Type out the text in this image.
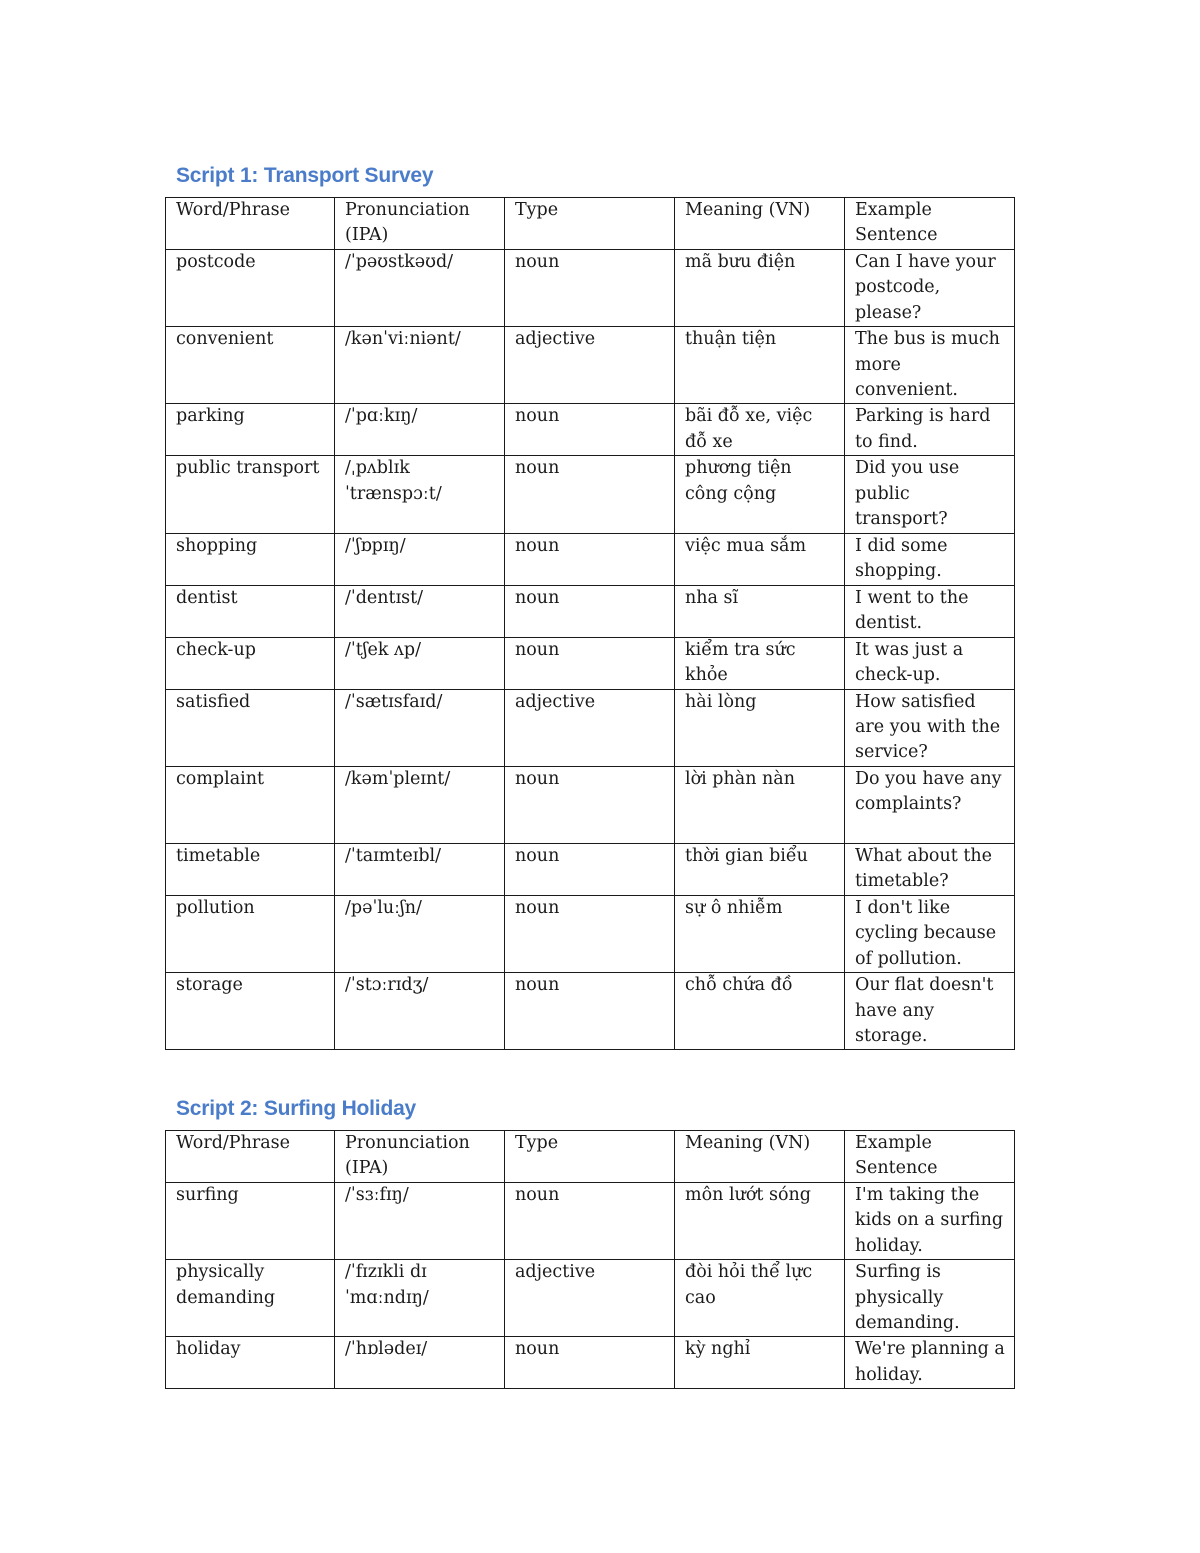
Script 1: Transport Survey
Word/Phrase	Pronunciation (IPA)	Type	Meaning (VN)	Example Sentence
postcode	/ˈpəʊstkəʊd/	noun	mã bưu điện	Can I have your postcode, please?
convenient	/kənˈviːniənt/	adjective	thuận tiện	The bus is much more convenient.
parking	/ˈpɑːkɪŋ/	noun	bãi đỗ xe, việc đỗ xe	Parking is hard to find.
public transport	/ˌpʌblɪk ˈtrænspɔːt/	noun	phương tiện công cộng	Did you use public transport?
shopping	/ˈʃɒpɪŋ/	noun	việc mua sắm	I did some shopping.
dentist	/ˈdentɪst/	noun	nha sĩ	I went to the dentist.
check-up	/ˈtʃek ʌp/	noun	kiểm tra sức khỏe	It was just a check-up.
satisfied	/ˈsætɪsfaɪd/	adjective	hài lòng	How satisfied are you with the service?
complaint	/kəmˈpleɪnt/	noun	lời phàn nàn	Do you have any complaints?
timetable	/ˈtaɪmteɪbl/	noun	thời gian biểu	What about the timetable?
pollution	/pəˈluːʃn/	noun	sự ô nhiễm	I don't like cycling because of pollution.
storage	/ˈstɔːrɪdʒ/	noun	chỗ chứa đồ	Our flat doesn't have any storage.
Script 2: Surfing Holiday
Word/Phrase	Pronunciation (IPA)	Type	Meaning (VN)	Example Sentence
surfing	/ˈsɜːfɪŋ/	noun	môn lướt sóng	I'm taking the kids on a surfing holiday.
physically demanding	/ˈfɪzɪkli dɪˈmɑːndɪŋ/	adjective	đòi hỏi thể lực cao	Surfing is physically demanding.
holiday	/ˈhɒlədeɪ/	noun	kỳ nghỉ	We're planning a holiday.
